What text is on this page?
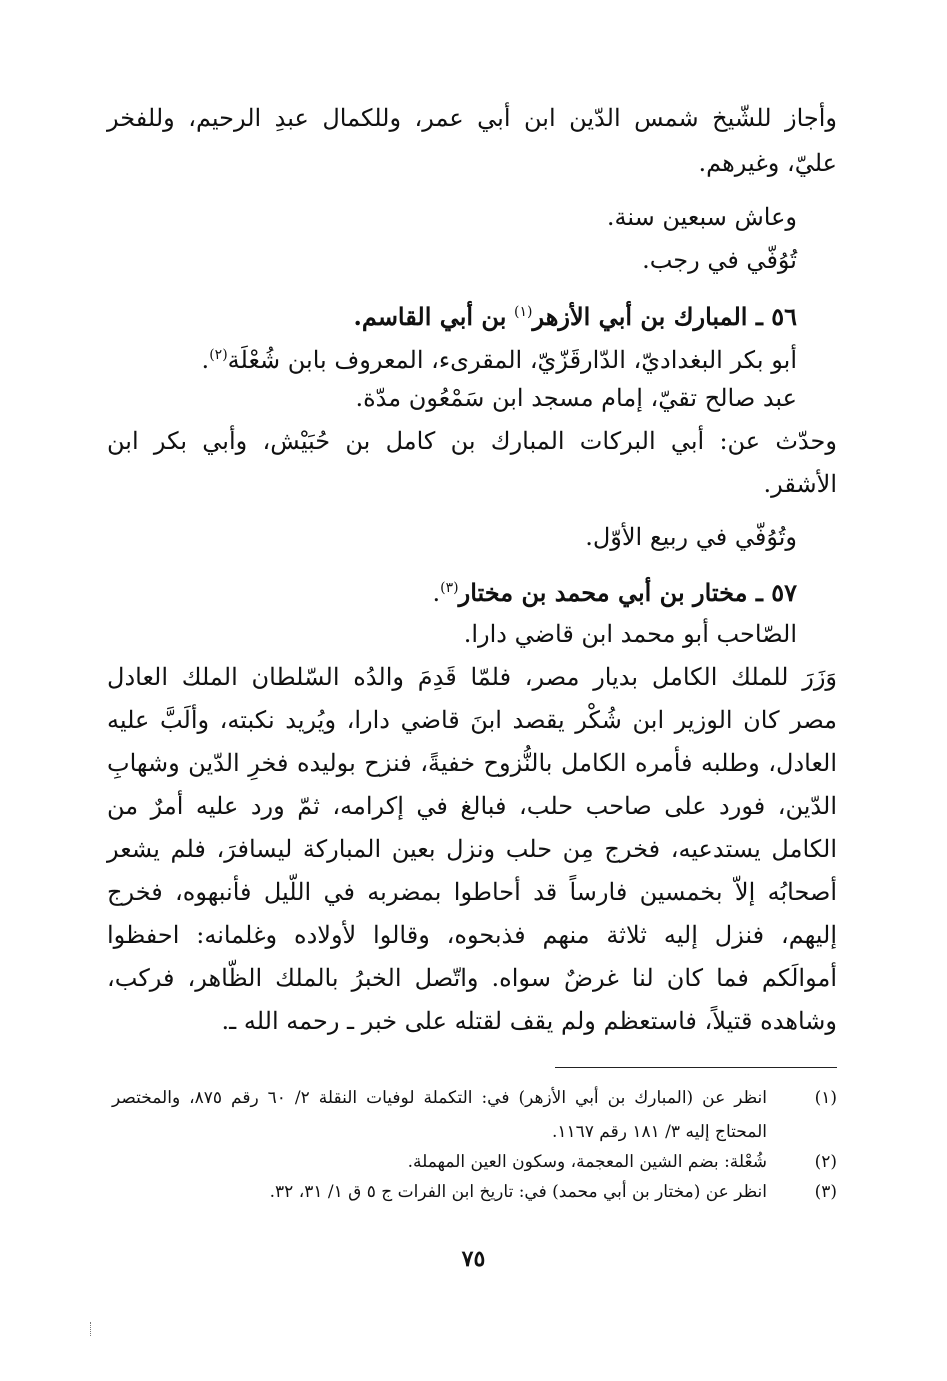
وأجاز للشّيخ شمس الدّين ابن أبي عمر، وللكمال عبدِ الرحيم، وللفخر
عليّ، وغيرهم.
وعاش سبعين سنة.
تُوُفّي في رجب.
٥٦ ـ المبارك بن أبي الأزهر$^{(١)}$ بن أبي القاسم.
أبو بكر البغداديّ، الدّارقَزّيّ، المقرىء، المعروف بابن شُعْلَة$^{(٢)}$.
عبد صالح تقيّ، إمام مسجد ابن سَمْعُون مدّة.
وحدّث عن: أبي البركات المبارك بن كامل بن حُبَيْش، وأبي بكر ابن
الأشقر.
وتُوُفّي في ربيع الأوّل.
٥٧ ـ مختار بن أبي محمد بن مختار$^{(٣)}$.
الصّاحب أبو محمد ابن قاضي دارا.
وَزَرَ للملك الكامل بديار مصر، فلمّا قَدِمَ والدُه السّلطان الملك العادل
مصر كان الوزير ابن شُكْر يقصد ابنَ قاضي دارا، ويُريد نكبته، وألَبَّ عليه
العادل، وطلبه فأمره الكامل بالنُّزوح خفيةً، فنزح بوليده فخرِ الدّين وشهابِ
الدّين، فورد على صاحب حلب، فبالغ في إكرامه، ثمّ ورد عليه أمرٌ من
الكامل يستدعيه، فخرج مِن حلب ونزل بعين المباركة ليسافرَ، فلم يشعر
أصحابُه إلاّ بخمسين فارساً قد أحاطوا بمضربه في اللّيل فأنبهوه، فخرج
إليهم، فنزل إليه ثلاثة منهم فذبحوه، وقالوا لأولاده وغلمانه: احفظوا
أموالَكم فما كان لنا غرضٌ سواه. واتّصل الخبرُ بالملك الظّاهر، فركب،
وشاهده قتيلاً، فاستعظم ولم يقف لقتله على خبر ـ رحمه الله ـ.
(١)
انظر عن (المبارك بن أبي الأزهر) في: التكملة لوفيات النقلة ٢/ ٦٠ رقم ٨٧٥، والمختصر
المحتاج إليه ٣/ ١٨١ رقم ١١٦٧.
(٢)
شُعْلة: بضم الشين المعجمة، وسكون العين المهملة.
(٣)
انظر عن (مختار بن أبي محمد) في: تاريخ ابن الفرات ج ٥ ق ١/ ٣١، ٣٢.
٧٥
